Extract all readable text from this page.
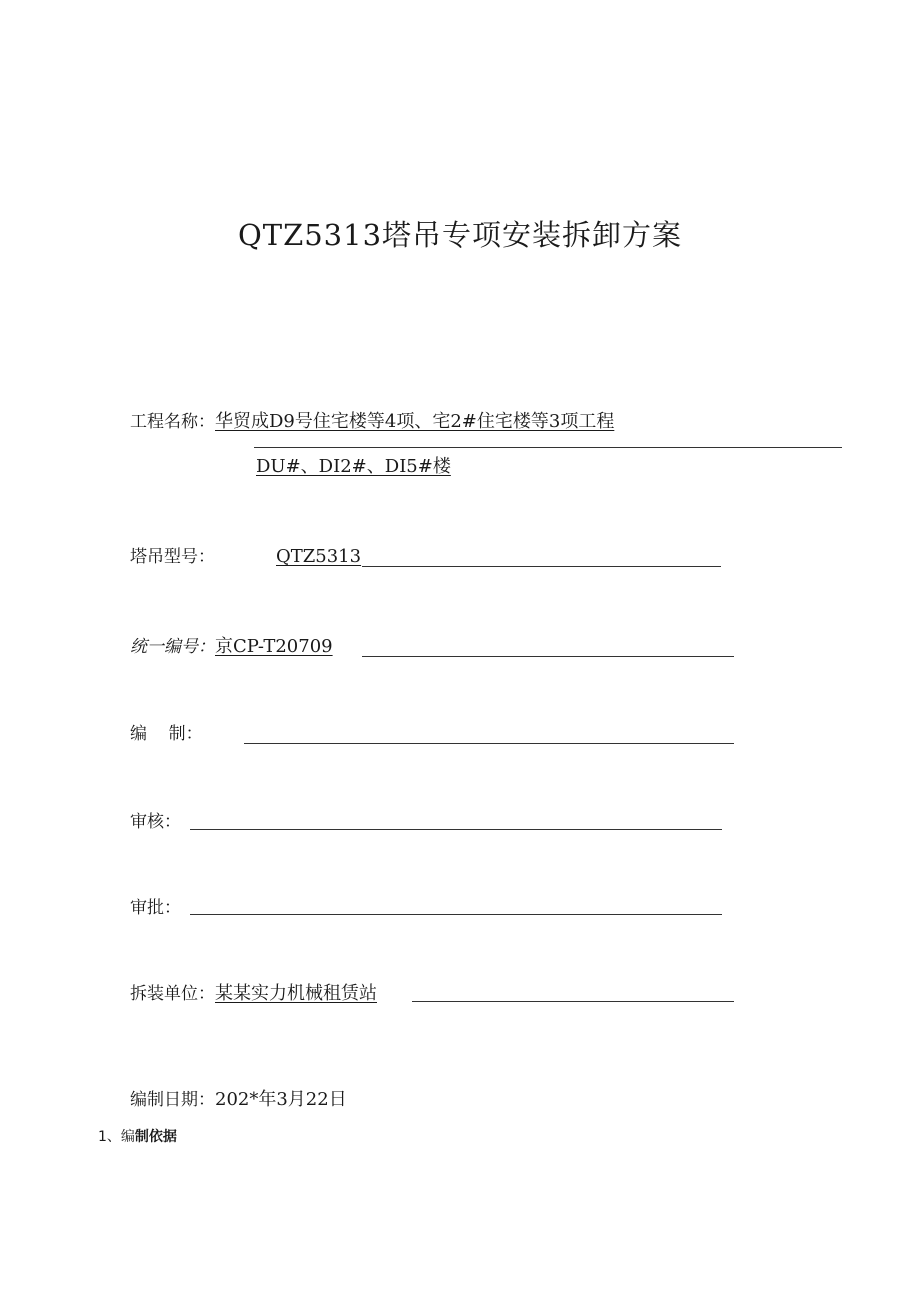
QTZ5313塔吊专项安装拆卸方案
工程名称：华贸成D9号住宅楼等4项、宅2#住宅楼等3项工程
DU#、DI2#、DI5#楼
塔吊型号：	QTZ5313
统一编号：京CP-T20709
编    制：
审核：
审批：
拆装单位：某某实力机械租赁站
编制日期：202*年3月22日
1、编制依据
